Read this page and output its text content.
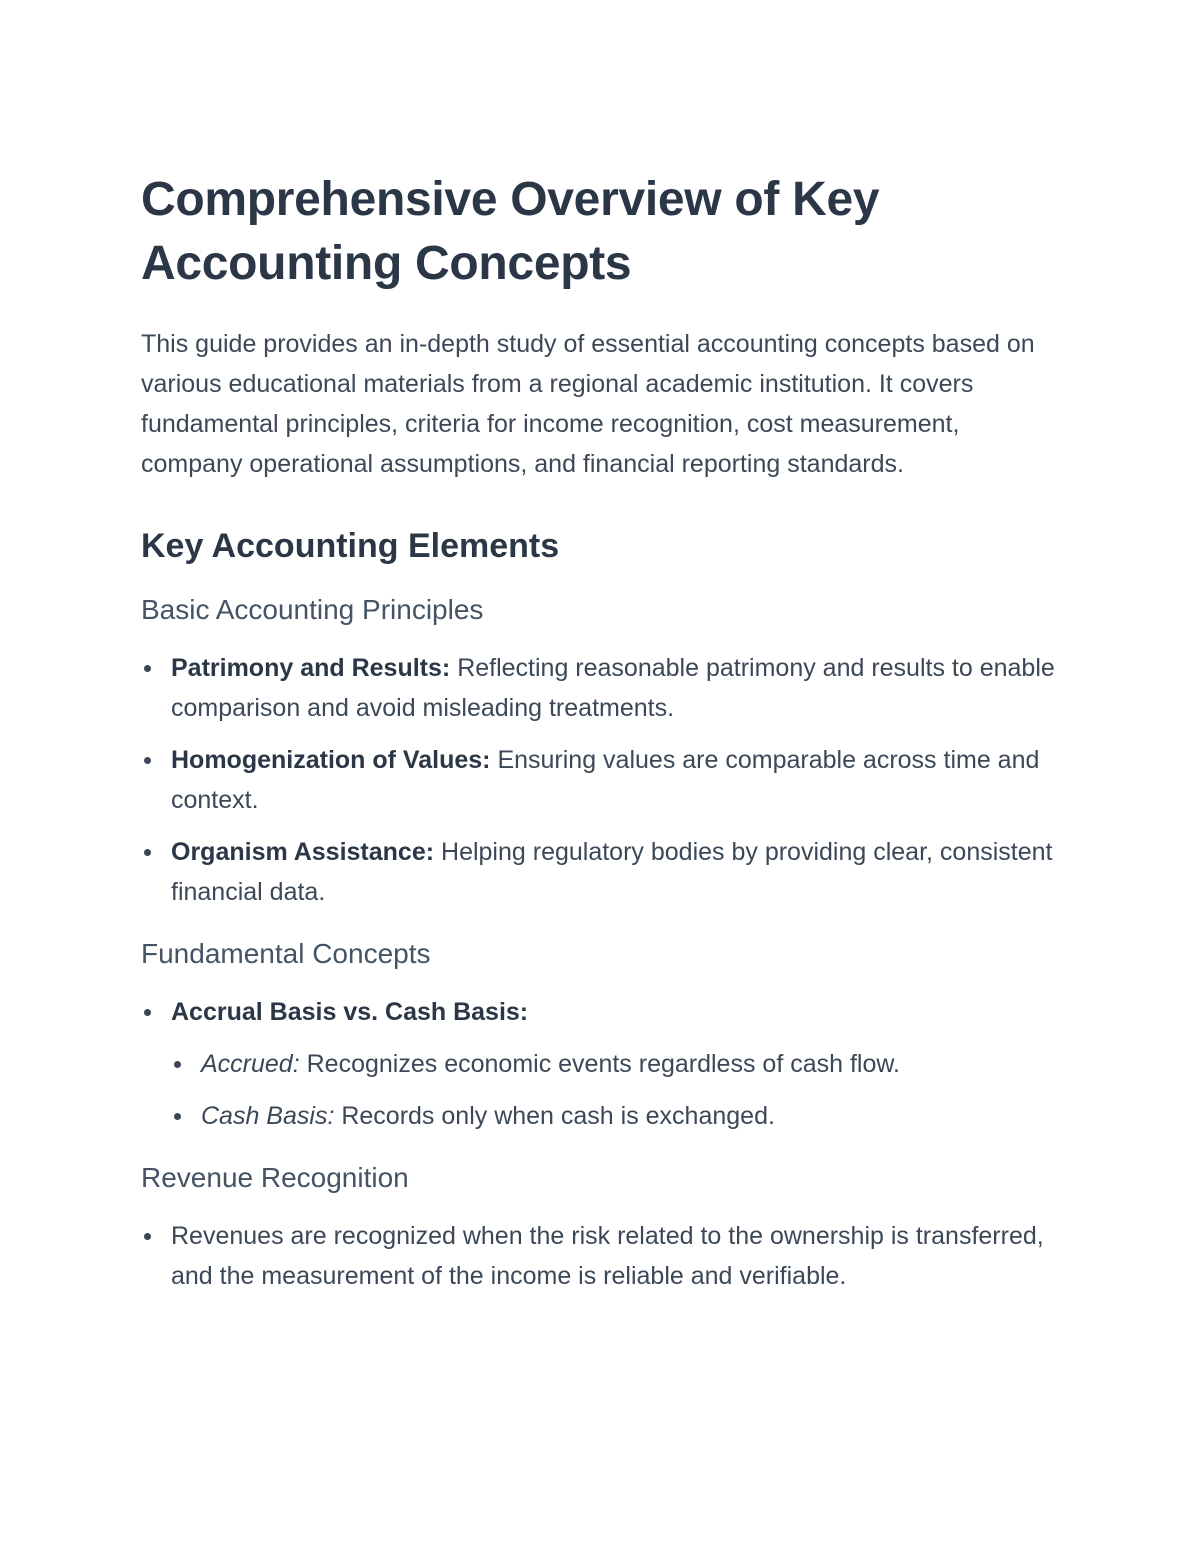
Comprehensive Overview of Key Accounting Concepts

This guide provides an in-depth study of essential accounting concepts based on various educational materials from a regional academic institution. It covers fundamental principles, criteria for income recognition, cost measurement, company operational assumptions, and financial reporting standards.

Key Accounting Elements
Basic Accounting Principles
Patrimony and Results: Reflecting reasonable patrimony and results to enable comparison and avoid misleading treatments.
Homogenization of Values: Ensuring values are comparable across time and context.
Organism Assistance: Helping regulatory bodies by providing clear, consistent financial data.
Fundamental Concepts
Accrual Basis vs. Cash Basis:
Accrued: Recognizes economic events regardless of cash flow.
Cash Basis: Records only when cash is exchanged.
Revenue Recognition
Revenues are recognized when the risk related to the ownership is transferred, and the measurement of the income is reliable and verifiable.
